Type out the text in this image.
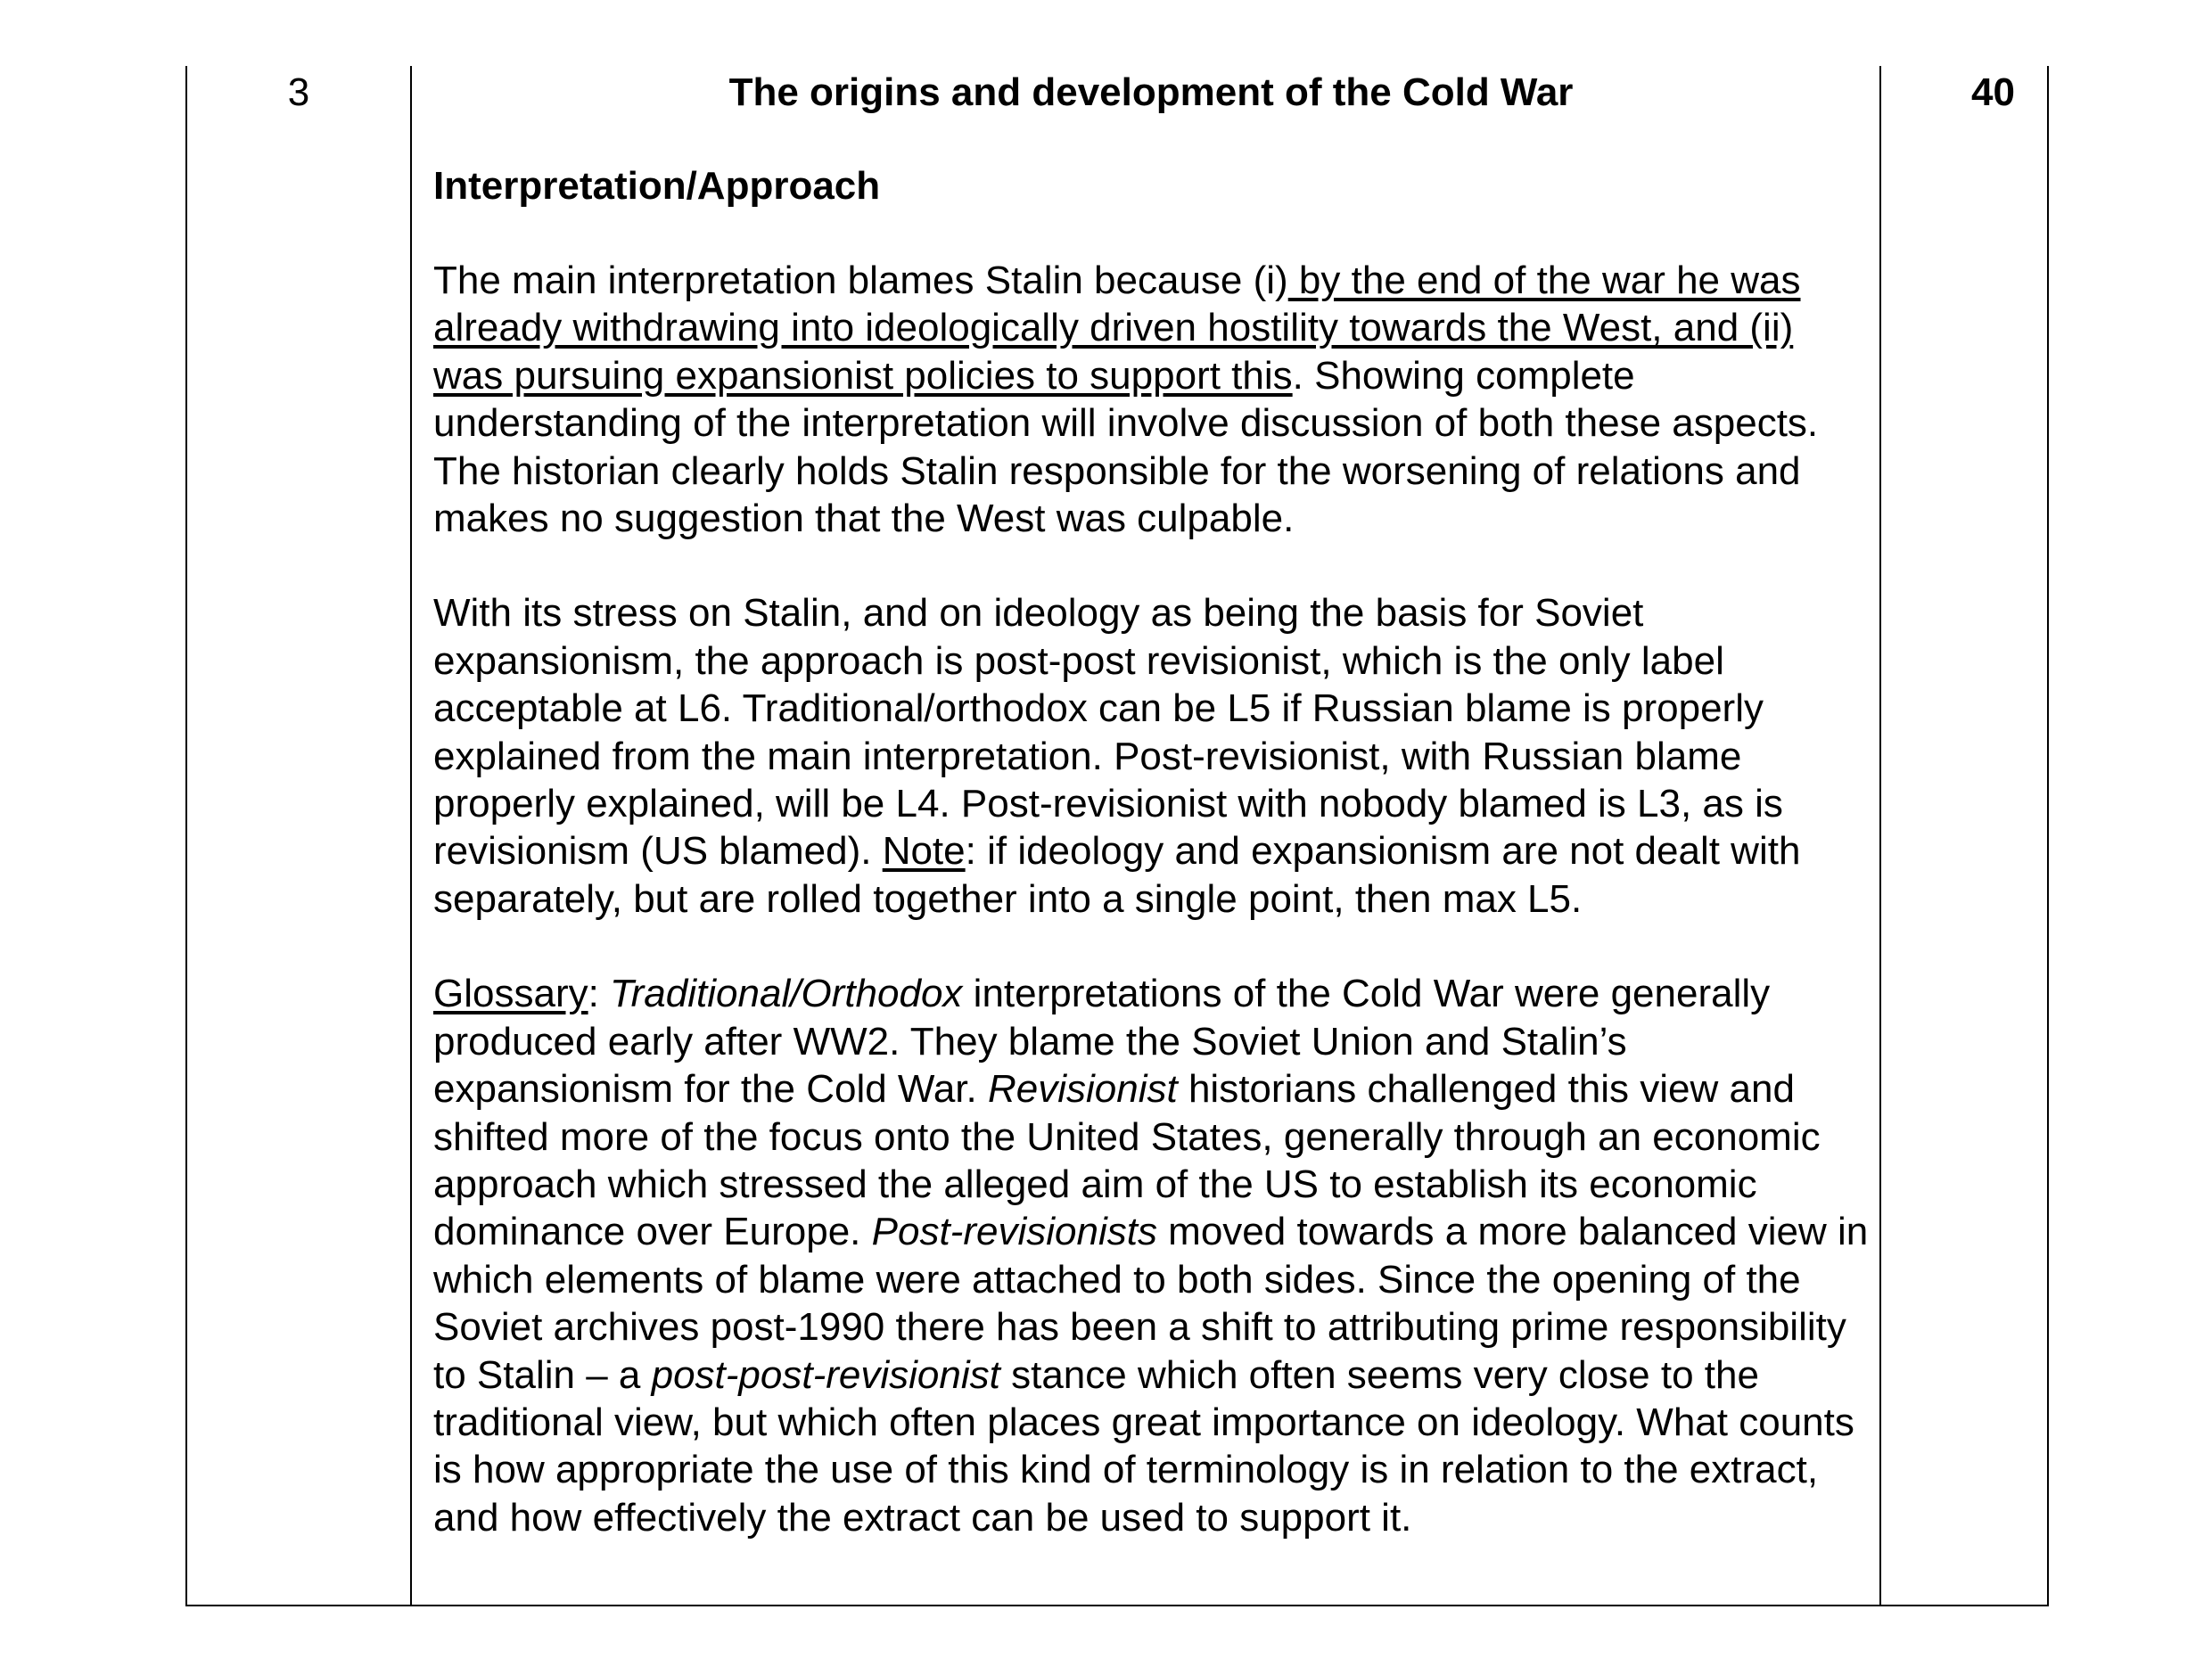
3	The origins and development of the Cold War
Interpretation/Approach

The main interpretation blames Stalin because (i) by the end of the war he was already withdrawing into ideologically driven hostility towards the West, and (ii) was pursuing expansionist policies to support this. Showing complete understanding of the interpretation will involve discussion of both these aspects. The historian clearly holds Stalin responsible for the worsening of relations and makes no suggestion that the West was culpable.

With its stress on Stalin, and on ideology as being the basis for Soviet expansionism, the approach is post-post revisionist, which is the only label acceptable at L6. Traditional/orthodox can be L5 if Russian blame is properly explained from the main interpretation. Post-revisionist, with Russian blame properly explained, will be L4. Post-revisionist with nobody blamed is L3, as is revisionism (US blamed). Note: if ideology and expansionism are not dealt with separately, but are rolled together into a single point, then max L5.

Glossary: Traditional/Orthodox interpretations of the Cold War were generally produced early after WW2. They blame the Soviet Union and Stalin’s expansionism for the Cold War. Revisionist historians challenged this view and shifted more of the focus onto the United States, generally through an economic approach which stressed the alleged aim of the US to establish its economic dominance over Europe. Post-revisionists moved towards a more balanced view in which elements of blame were attached to both sides. Since the opening of the Soviet archives post-1990 there has been a shift to attributing prime responsibility to Stalin – a post-post-revisionist stance which often seems very close to the traditional view, but which often places great importance on ideology. What counts is how appropriate the use of this kind of terminology is in relation to the extract, and how effectively the extract can be used to support it.

40
